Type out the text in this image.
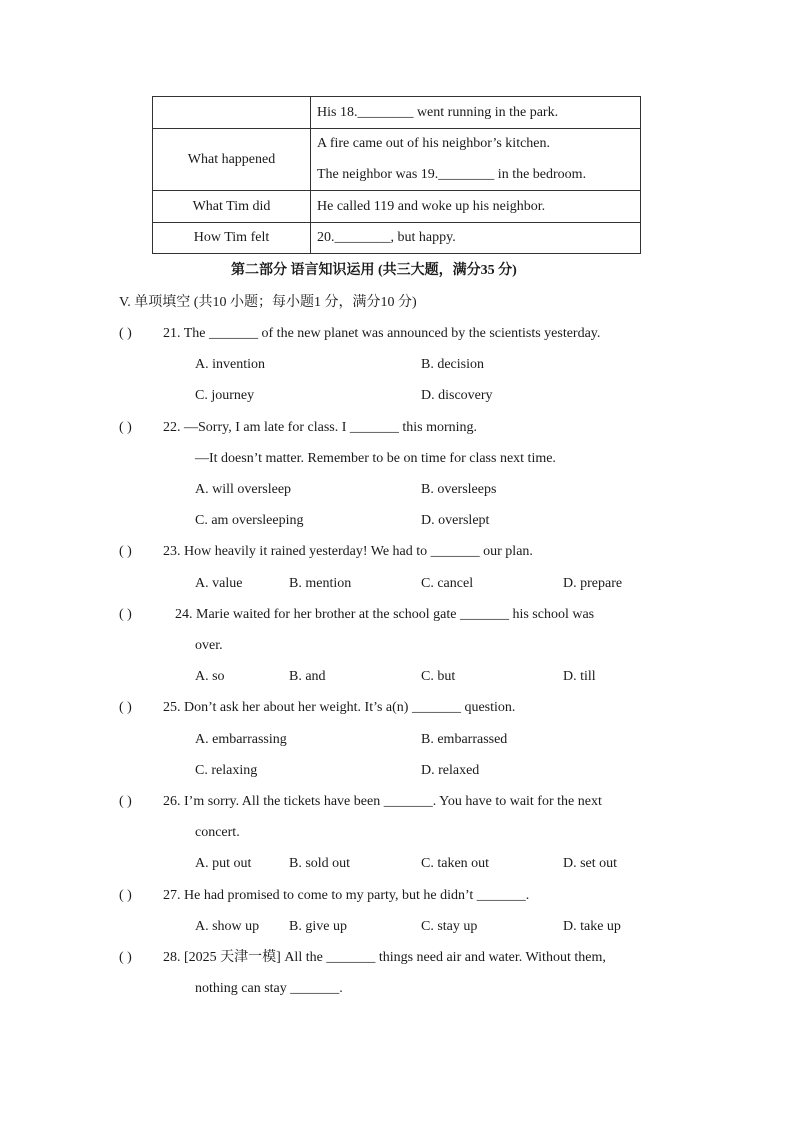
	His 18.________ went running in the park.
What happened	A fire came out of his neighbor’s kitchen.
	The neighbor was 19.________ in the bedroom.
What Tim did	He called 119 and woke up his neighbor.
How Tim felt	20.________, but happy.
第二部分 语言知识运用 (共三大题，满分35 分)
V. 单项填空 (共10 小题；每小题1 分，满分10 分)
( ) 21. The _______ of the new planet was announced by the scientists yesterday.
A. invention	B. decision
C. journey	D. discovery
( ) 22. —Sorry, I am late for class. I _______ this morning.
—It doesn’t matter. Remember to be on time for class next time.
A. will oversleep	B. oversleeps
C. am oversleeping	D. overslept
( ) 23. How heavily it rained yesterday! We had to _______ our plan.
A. value	B. mention	C. cancel	D. prepare
( )	24. Marie waited for her brother at the school gate _______ his school was
over.
A. so	B. and	C. but	D. till
( ) 25. Don’t ask her about her weight. It’s a(n) _______ question.
A. embarrassing	B. embarrassed
C. relaxing	D. relaxed
( ) 26. I’m sorry. All the tickets have been _______. You have to wait for the next
concert.
A. put out	B. sold out	C. taken out	D. set out
( ) 27. He had promised to come to my party, but he didn’t _______.
A. show up B. give up	C. stay up	D. take up
( ) 28. [2025 天津一模] All the _______ things need air and water. Without them,
nothing can stay _______.
